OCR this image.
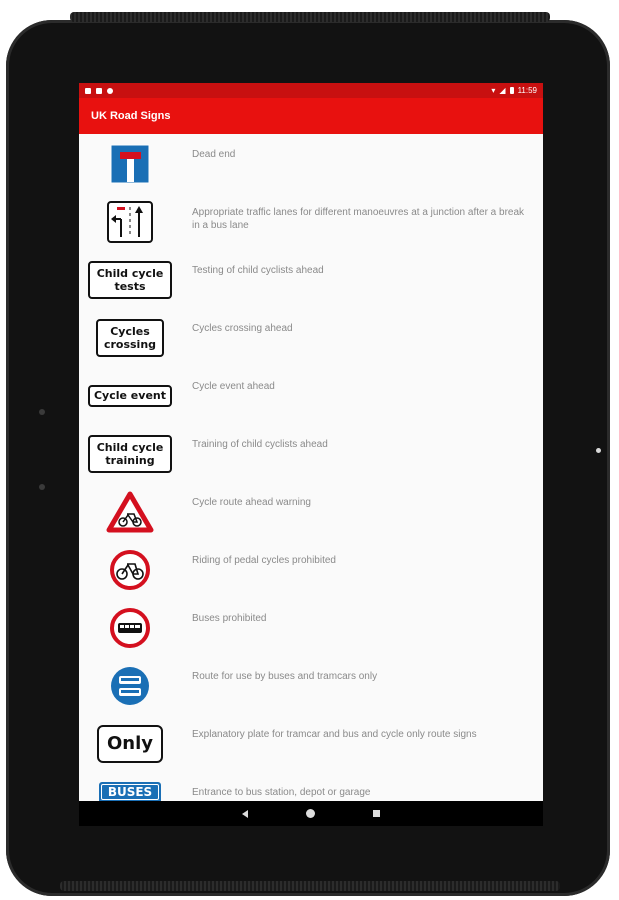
▾ ◢ 11:59
UK Road Signs
Dead end
Appropriate traffic lanes for different manoeuvres at a junction after a break in a bus lane
Child cycle
tests
Testing of child cyclists ahead
Cycles
crossing
Cycles crossing ahead
Cycle event
Cycle event ahead
Child cycle
training
Training of child cyclists ahead
Cycle route ahead warning
Riding of pedal cycles prohibited
Buses prohibited
Route for use by buses and tramcars only
Only	Explanatory plate for tramcar and bus and cycle only route signs
BUSES	Entrance to bus station, depot or garage
